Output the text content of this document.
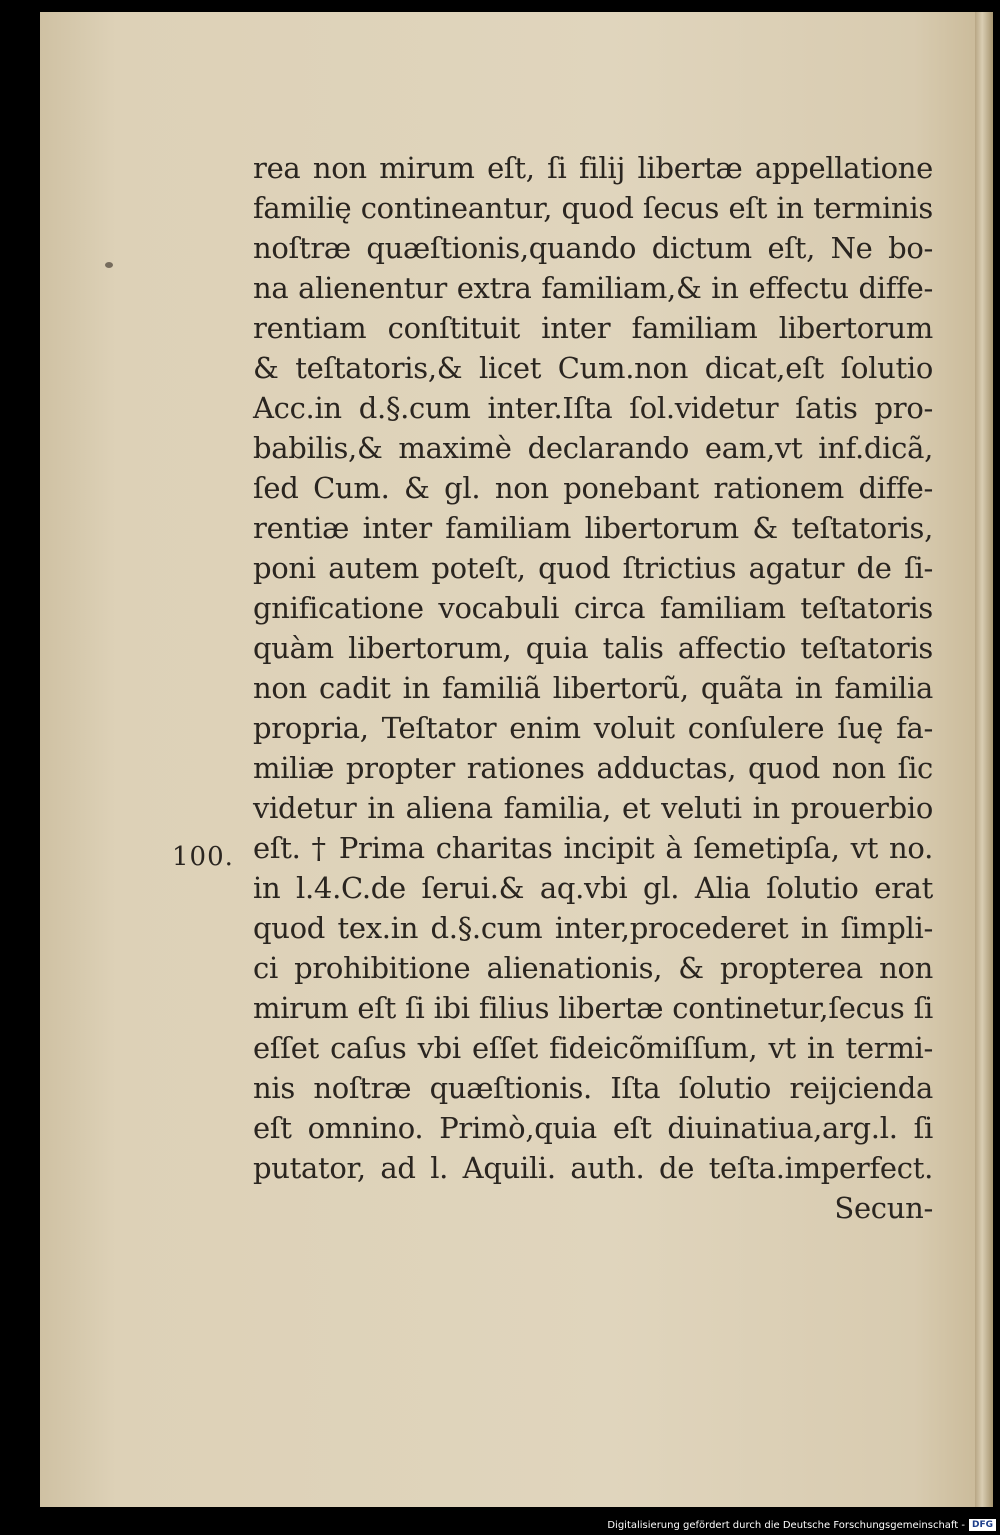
100.
rea non mirum eſt, ſi filij libertæ appellatione
familię contineantur, quod ſecus eſt in terminis
noſtræ quæſtionis,quando dictum eſt, Ne bo-
na alienentur extra familiam,& in effectu diffe-
rentiam conſtituit inter familiam libertorum
& teſtatoris,& licet Cum.non dicat,eſt ſolutio
Acc.in d.§.cum inter.Iſta ſol.videtur ſatis pro-
babilis,& maximè declarando eam,vt inf.dicã,
ſed Cum. & gl. non ponebant rationem diffe-
rentiæ inter familiam libertorum & teſtatoris,
poni autem poteſt, quod ſtrictius agatur de ſi-
gnificatione vocabuli circa familiam teſtatoris
quàm libertorum, quia talis affectio teſtatoris
non cadit in familiã libertorũ, quãta in familia
propria, Teſtator enim voluit conſulere ſuę fa-
miliæ propter rationes adductas, quod non ſic
videtur in aliena familia, et veluti in prouerbio
eſt. † Prima charitas incipit à ſemetipſa, vt no.
in l.4.C.de ſerui.& aq.vbi gl. Alia ſolutio erat
quod tex.in d.§.cum inter,procederet in ſimpli-
ci prohibitione alienationis, & propterea non
mirum eſt ſi ibi filius libertæ continetur,ſecus ſi
eſſet caſus vbi eſſet fideicõmiſſum, vt in termi-
nis noſtræ quæſtionis. Iſta ſolutio reijcienda
eſt omnino. Primò,quia eſt diuinatiua,arg.l. ſi
putator, ad l. Aquili. auth. de teſta.imperfect.
Secun-
Digitalisierung gefördert durch die Deutsche Forschungsgemeinschaft - DFG
